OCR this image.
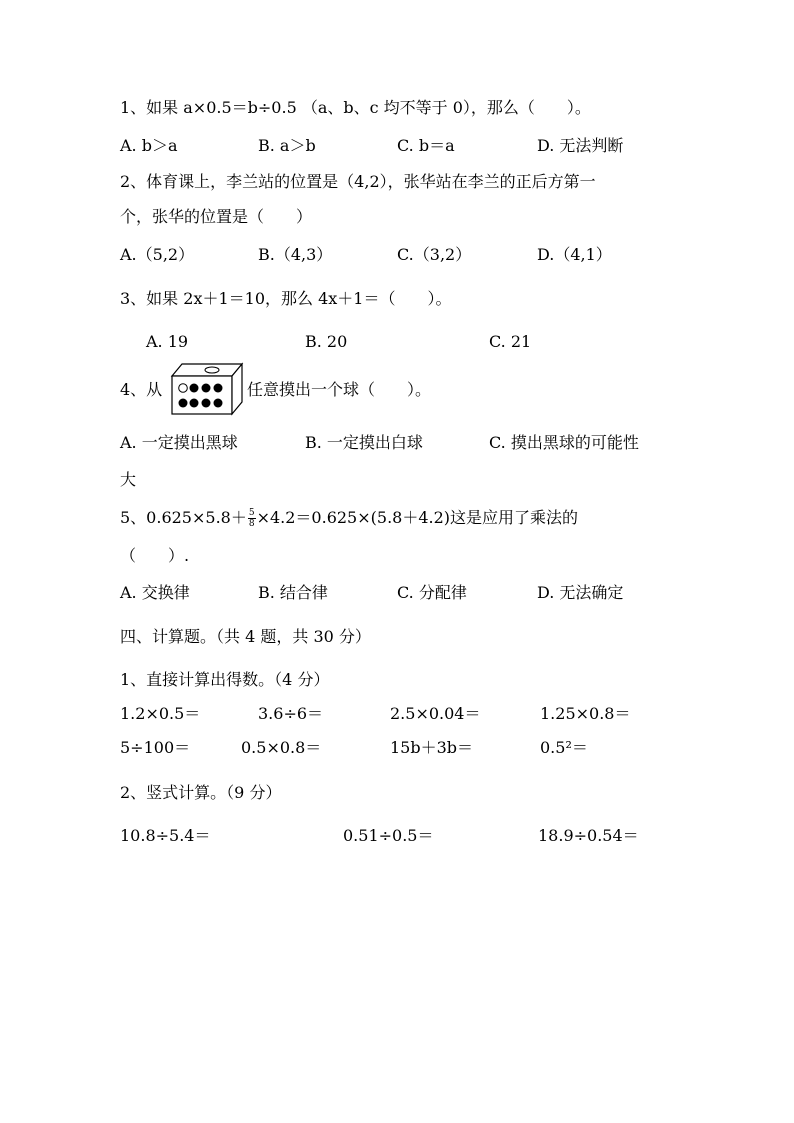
1、如果 a×0.5＝b÷0.5 （a、b、c 均不等于 0），那么（　　）。
A. b＞a	B. a＞b	C. b＝a	D. 无法判断
2、体育课上，李兰站的位置是（4,2），张华站在李兰的正后方第一
个，张华的位置是（　　）
A.（5,2）	B.（4,3）	C.（3,2）	D.（4,1）
3、如果 2x＋1＝10，那么 4x＋1＝（　　）。
A. 19	B. 20	C. 21
4、从	任意摸出一个球（　　）。
A. 一定摸出黑球	B. 一定摸出白球	C. 摸出黑球的可能性
大
5、$0.625\times 5.8+ \frac{5}{8} \times 4.2=0.625\times(5.8+4.2)$这是应用了乘法的
（　　）.
A. 交换律	B. 结合律	C. 分配律	D. 无法确定
四、计算题。（共 4 题，共 30 分）
1、直接计算出得数。（4 分）
1.2×0.5＝	3.6÷6＝	2.5×0.04＝	1.25×0.8＝
5÷100＝	0.5×0.8＝	15b＋3b＝	0.5²＝
2、竖式计算。（9 分）
10.8÷5.4＝	0.51÷0.5＝	18.9÷0.54＝
